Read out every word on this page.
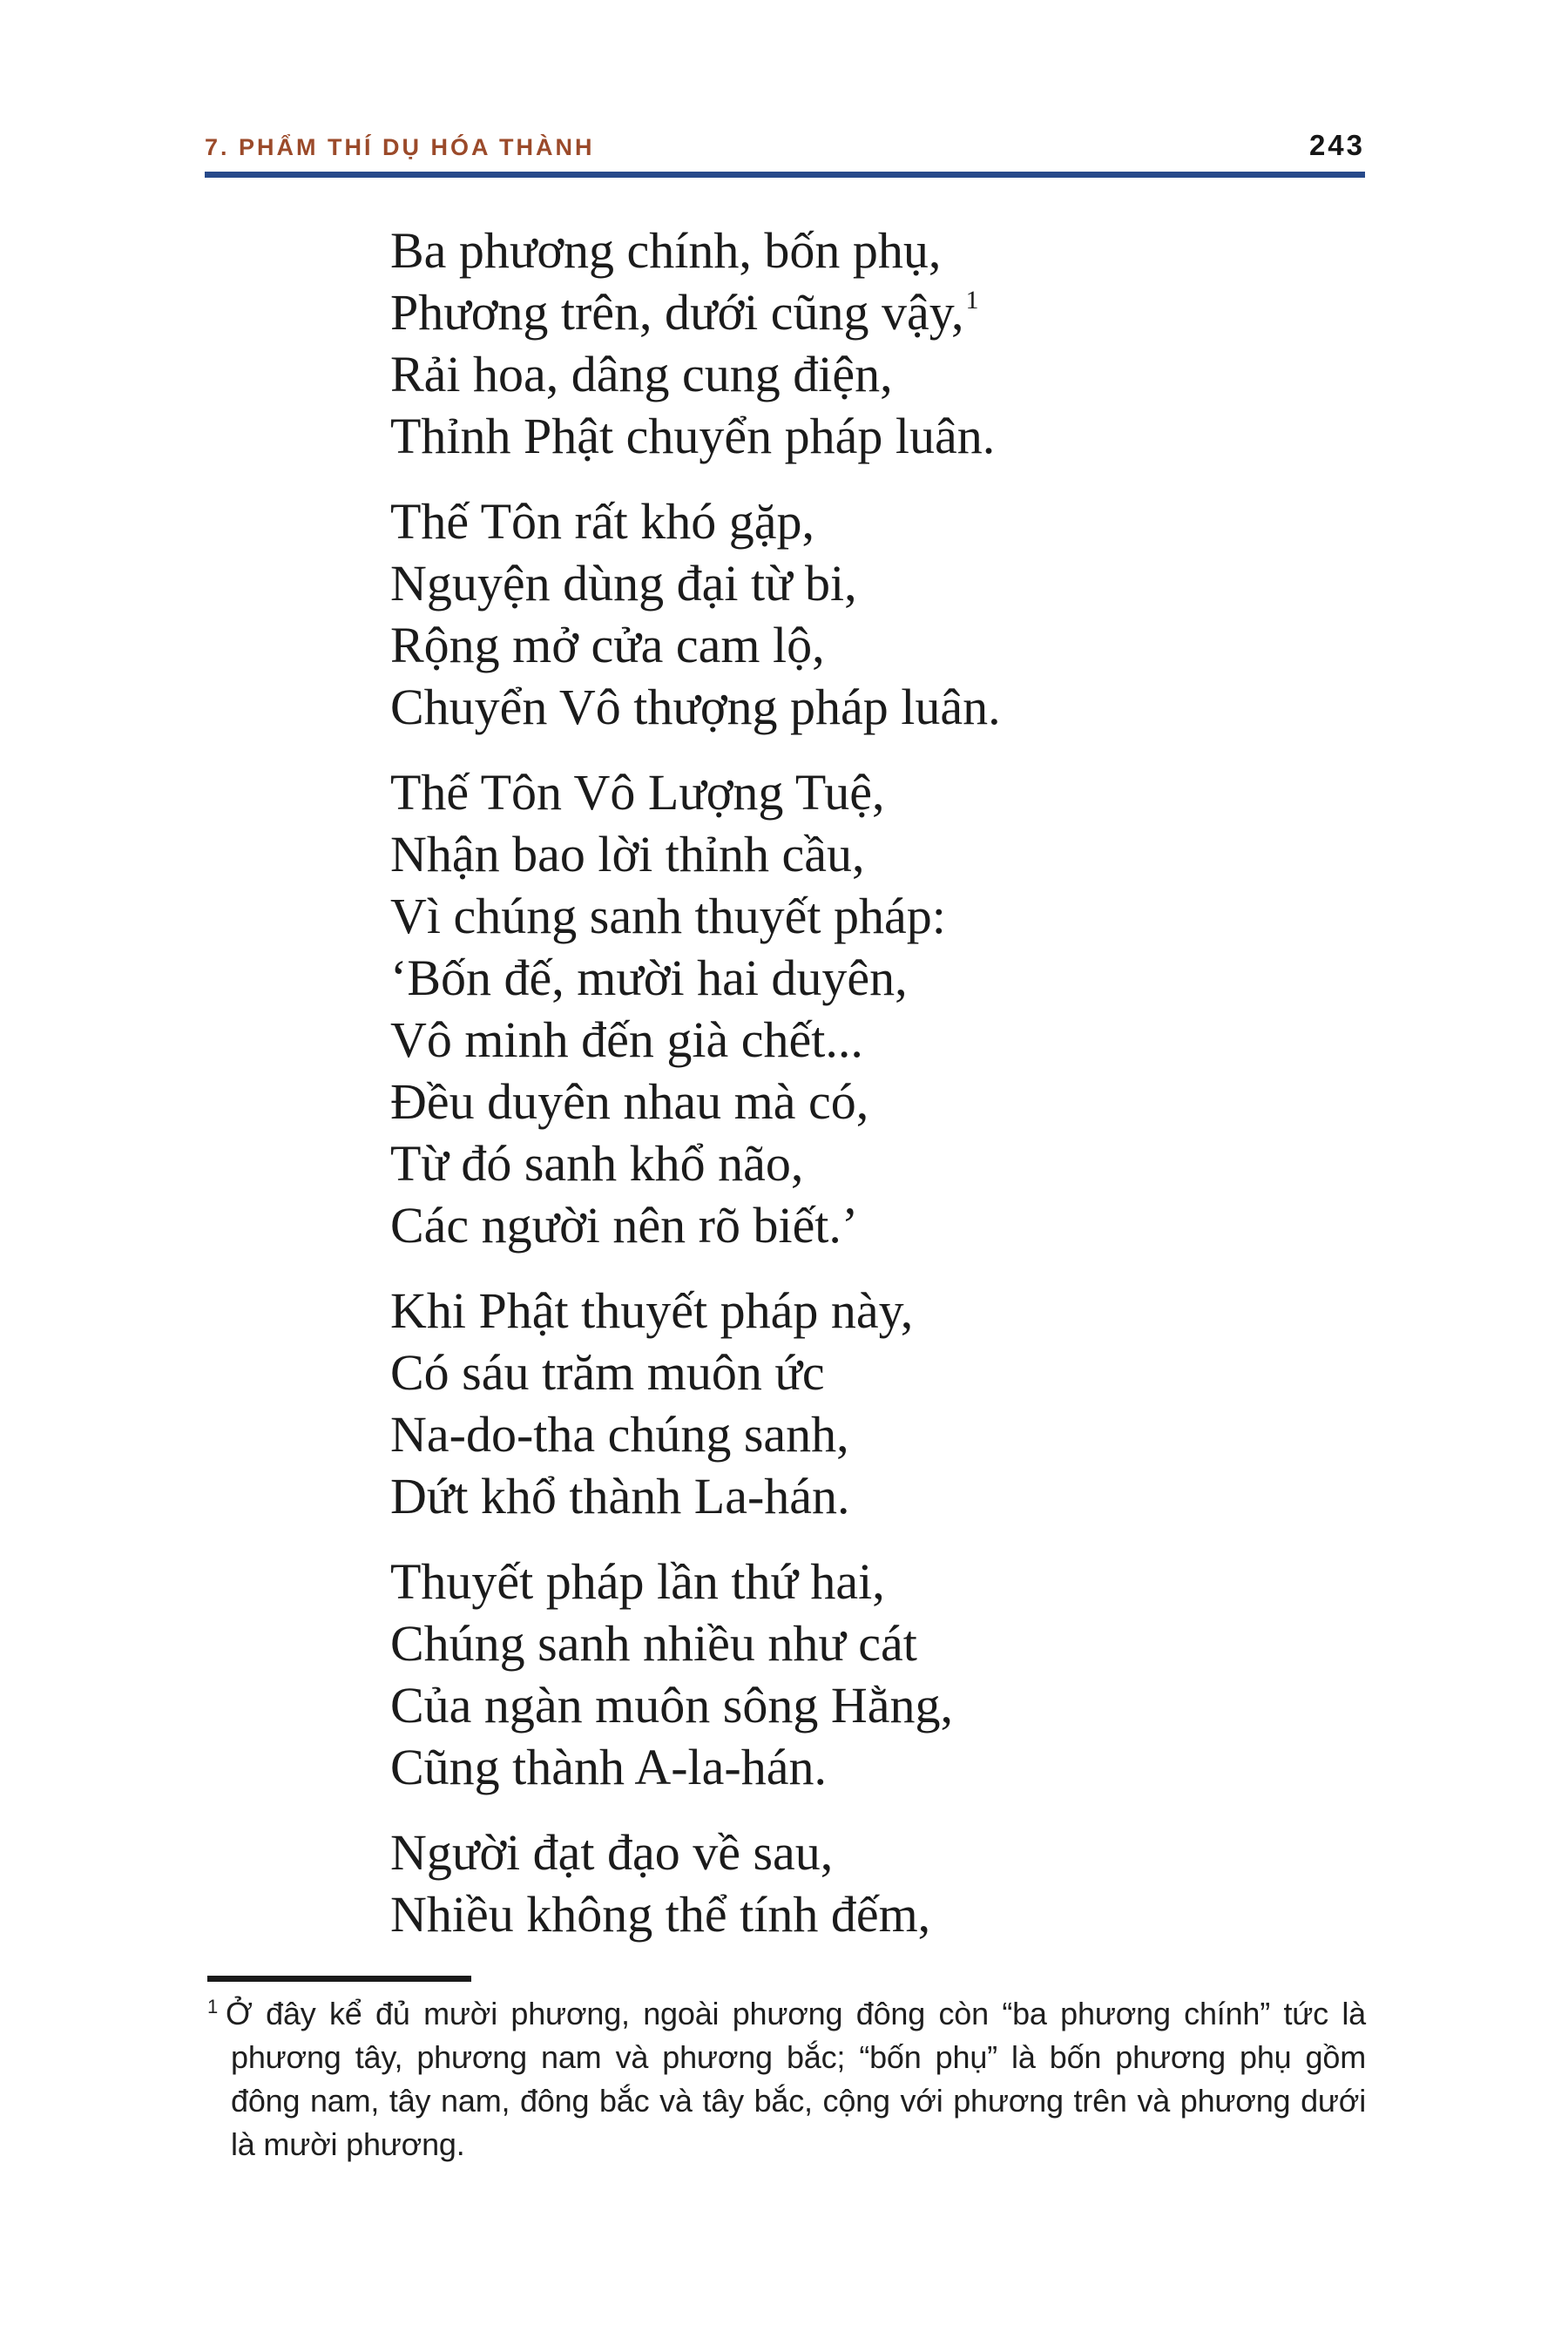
7. PHẨM THÍ DỤ HÓA THÀNH	243
Ba phương chính, bốn phụ,
Phương trên, dưới cũng vậy,$^1$
Rải hoa, dâng cung điện,
Thỉnh Phật chuyển pháp luân.
Thế Tôn rất khó gặp,
Nguyện dùng đại từ bi,
Rộng mở cửa cam lộ,
Chuyển Vô thượng pháp luân.
Thế Tôn Vô Lượng Tuệ,
Nhận bao lời thỉnh cầu,
Vì chúng sanh thuyết pháp:
‘Bốn đế, mười hai duyên,
Vô minh đến già chết...
Đều duyên nhau mà có,
Từ đó sanh khổ não,
Các người nên rõ biết.’
Khi Phật thuyết pháp này,
Có sáu trăm muôn ức
Na-do-tha chúng sanh,
Dứt khổ thành La-hán.
Thuyết pháp lần thứ hai,
Chúng sanh nhiều như cát
Của ngàn muôn sông Hằng,
Cũng thành A-la-hán.
Người đạt đạo về sau,
Nhiều không thể tính đếm,
$^1$ Ở đây kể đủ mười phương, ngoài phương đông còn “ba phương chính” tức là
phương tây, phương nam và phương bắc; “bốn phụ” là bốn phương phụ gồm
đông nam, tây nam, đông bắc và tây bắc, cộng với phương trên và phương dưới
là mười phương.
